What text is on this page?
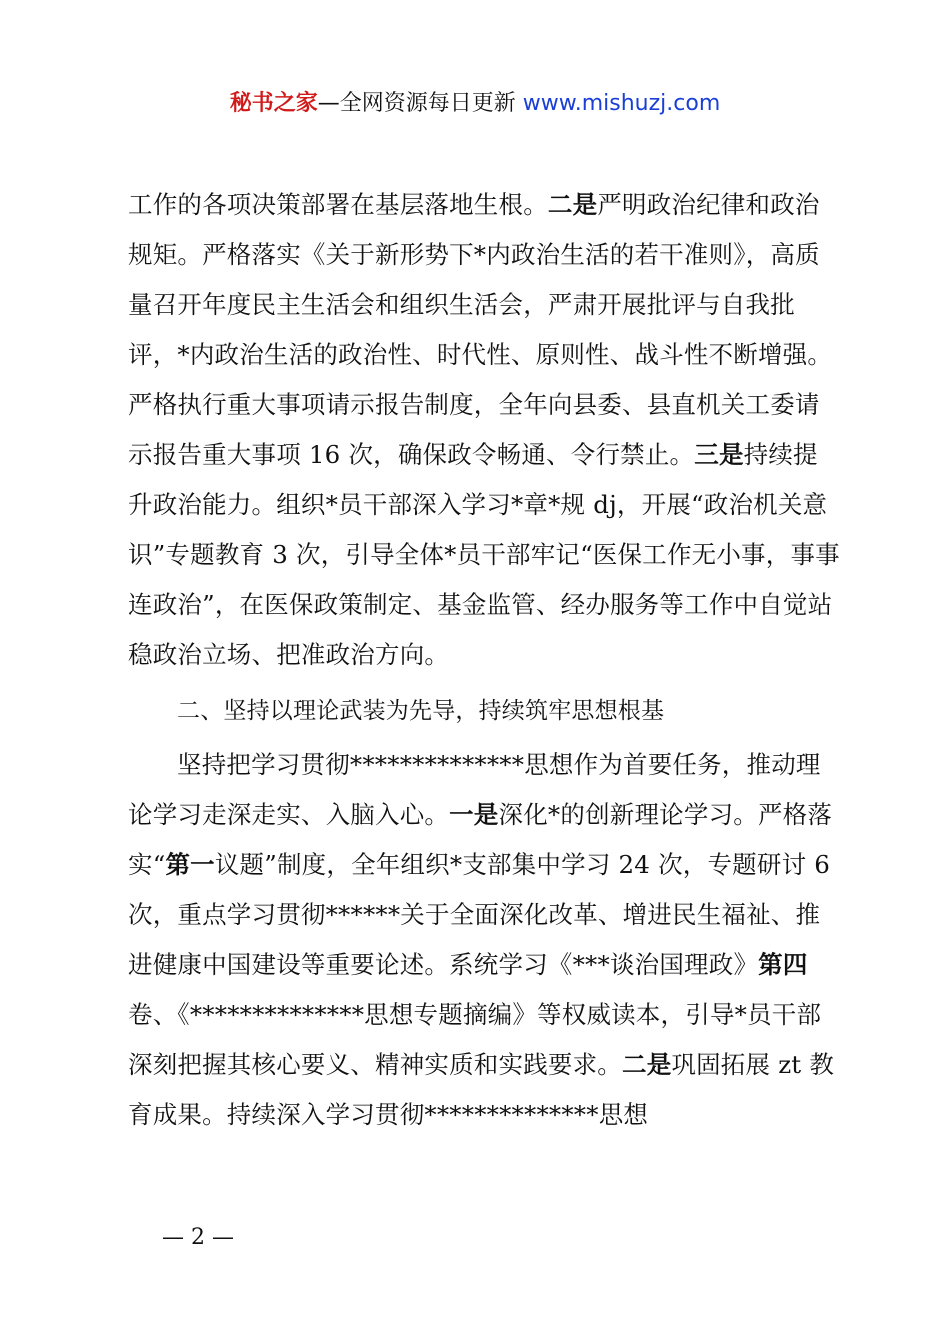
秘书之家—全网资源每日更新 www.mishuzj.com

工作的各项决策部署在基层落地生根。二是严明政治纪律和政治规矩。严格落实《关于新形势下*内政治生活的若干准则》，高质量召开年度民主生活会和组织生活会，严肃开展批评与自我批评，*内政治生活的政治性、时代性、原则性、战斗性不断增强。严格执行重大事项请示报告制度，全年向县委、县直机关工委请示报告重大事项 16 次，确保政令畅通、令行禁止。三是持续提升政治能力。组织*员干部深入学习*章*规 dj，开展“政治机关意识”专题教育 3 次，引导全体*员干部牢记“医保工作无小事，事事连政治”，在医保政策制定、基金监管、经办服务等工作中自觉站稳政治立场、把准政治方向。

二、坚持以理论武装为先导，持续筑牢思想根基

坚持把学习贯彻**************思想作为首要任务，推动理论学习走深走实、入脑入心。一是深化*的创新理论学习。严格落实“第一议题”制度，全年组织*支部集中学习 24 次，专题研讨 6 次，重点学习贯彻******关于全面深化改革、增进民生福祉、推进健康中国建设等重要论述。系统学习《***谈治国理政》第四卷、《**************思想专题摘编》等权威读本，引导*员干部深刻把握其核心要义、精神实质和实践要求。二是巩固拓展 zt 教育成果。持续深入学习贯彻**************思想

— 2 —
